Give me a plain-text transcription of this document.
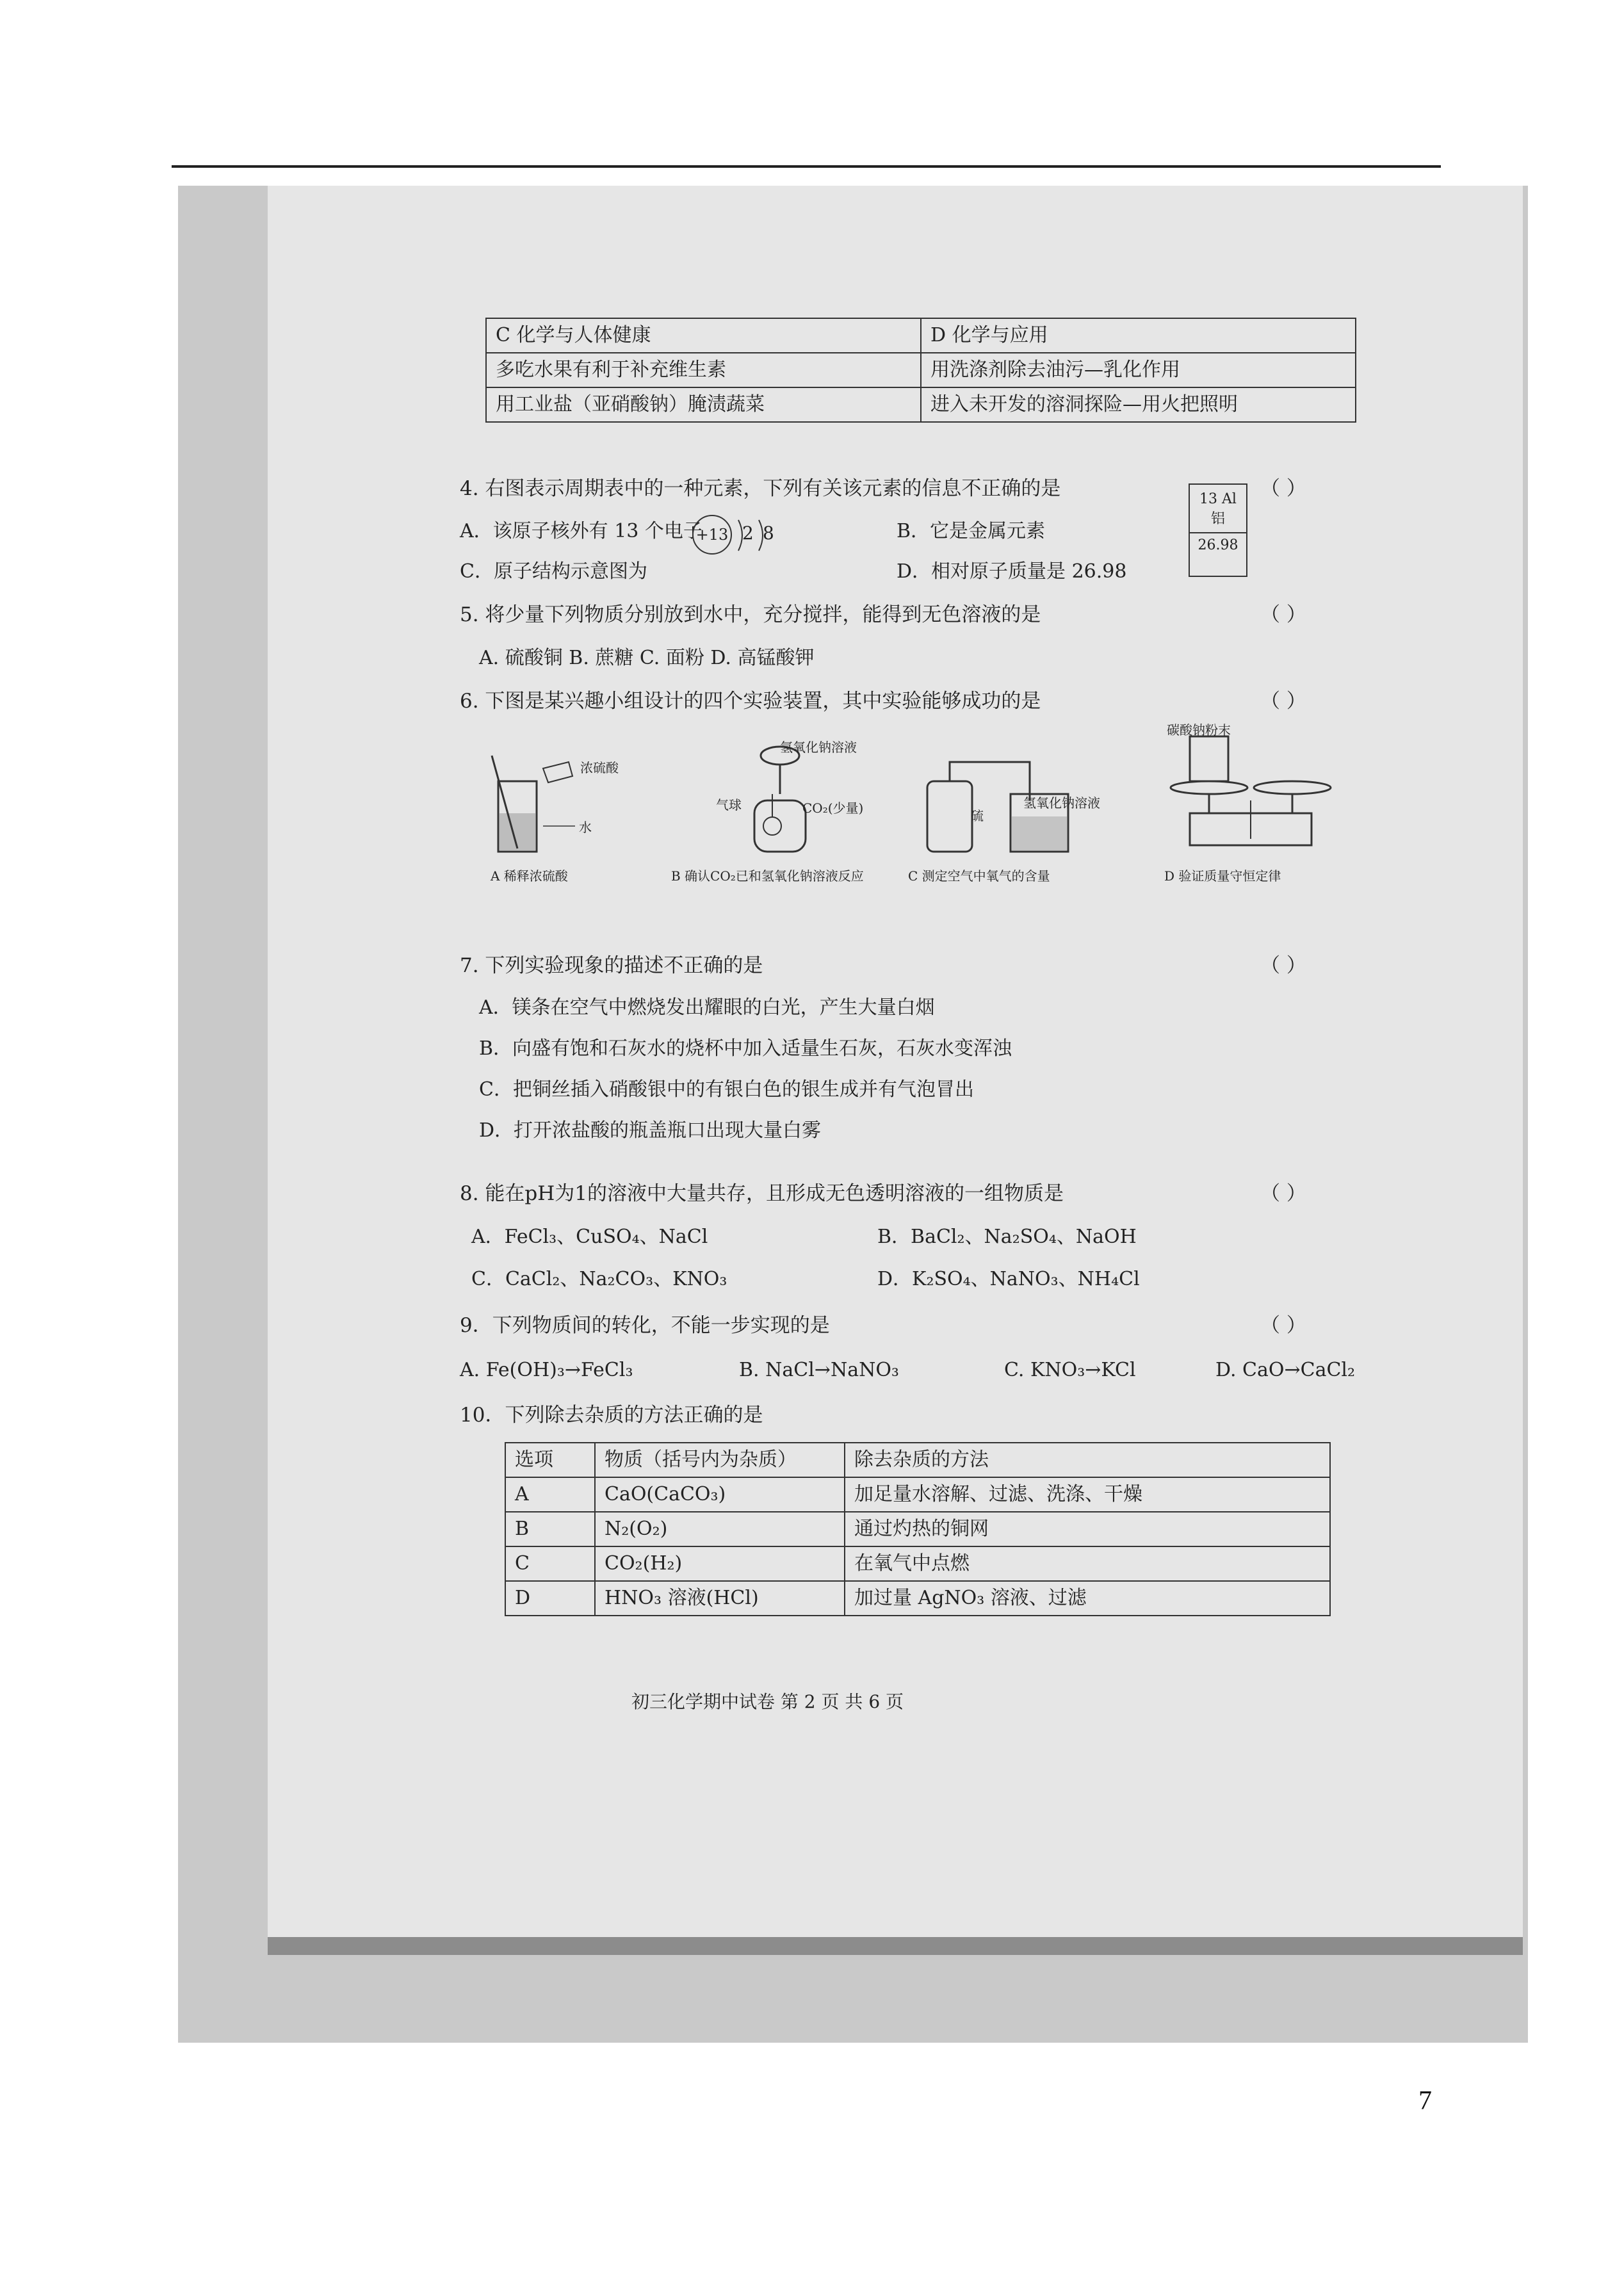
C 化学与人体健康	D 化学与应用
多吃水果有利于补充维生素	用洗涤剂除去油污—乳化作用
用工业盐（亚硝酸钠）腌渍蔬菜	进入未开发的溶洞探险—用火把照明
4. 右图表示周期表中的一种元素，下列有关该元素的信息不正确的是	（ ）
A．该原子核外有 13 个电子
+13 2 8	B．它是金属元素
C．原子结构示意图为	D．相对原子质量是 26.98
13 Al
铝
26.98
5. 将少量下列物质分别放到水中，充分搅拌，能得到无色溶液的是	（ ）
A. 硫酸铜 B. 蔗糖 C. 面粉 D. 高锰酸钾
6. 下图是某兴趣小组设计的四个实验装置，其中实验能够成功的是	（ ）
浓硫酸
水
A 稀释浓硫酸
氢氧化钠溶液
气球	CO₂(少量)
B 确认CO₂已和氢氧化钠溶液反应
硫
氢氧化钠溶液
C 测定空气中氧气的含量
碳酸钠粉末
D 验证质量守恒定律
7. 下列实验现象的描述不正确的是	（ ）
A．镁条在空气中燃烧发出耀眼的白光，产生大量白烟
B．向盛有饱和石灰水的烧杯中加入适量生石灰，石灰水变浑浊
C．把铜丝插入硝酸银中的有银白色的银生成并有气泡冒出
D．打开浓盐酸的瓶盖瓶口出现大量白雾
8. 能在pH为1的溶液中大量共存，且形成无色透明溶液的一组物质是	（ ）
A．FeCl₃、CuSO₄、NaCl	B．BaCl₂、Na₂SO₄、NaOH
C．CaCl₂、Na₂CO₃、KNO₃	D．K₂SO₄、NaNO₃、NH₄Cl
9．下列物质间的转化，不能一步实现的是	（ ）
A. Fe(OH)₃→FeCl₃	B. NaCl→NaNO₃	C. KNO₃→KCl	D. CaO→CaCl₂
10．下列除去杂质的方法正确的是
选项	物质（括号内为杂质）	除去杂质的方法
A	CaO(CaCO₃)	加足量水溶解、过滤、洗涤、干燥
B	N₂(O₂)	通过灼热的铜网
C	CO₂(H₂)	在氧气中点燃
D	HNO₃ 溶液(HCl)	加过量 AgNO₃ 溶液、过滤
初三化学期中试卷 第 2 页 共 6 页
7
